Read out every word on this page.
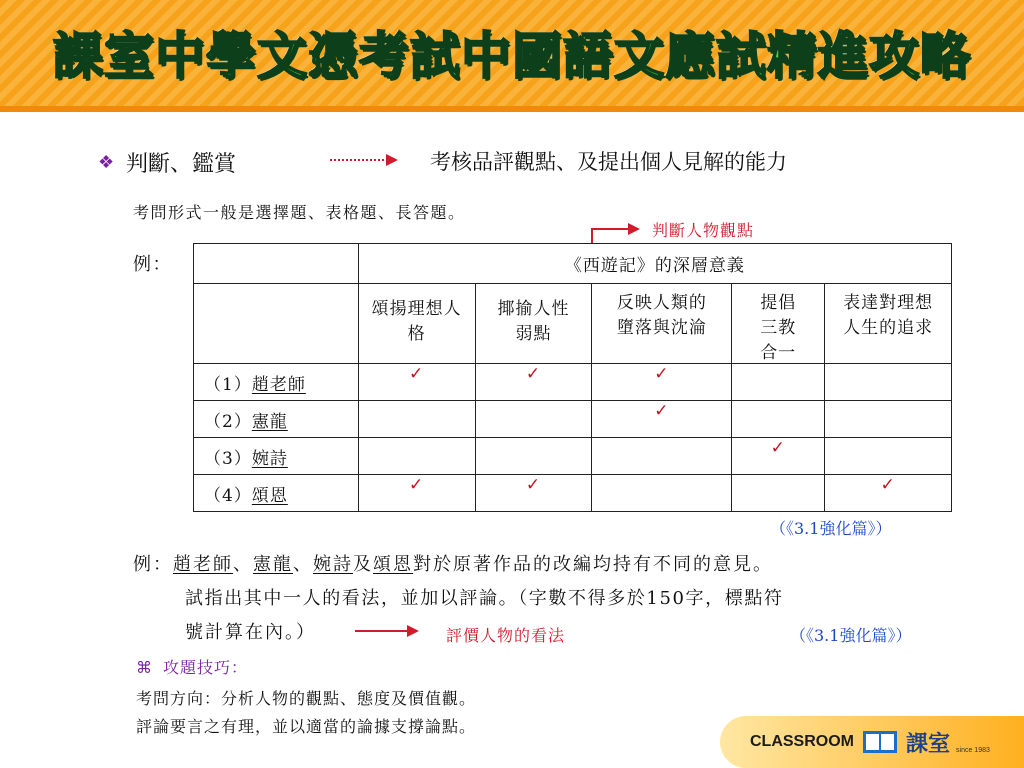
課室中學文憑考試中國語文應試精進攻略
❖ 判斷、鑑賞	考核品評觀點、及提出個人見解的能力
考問形式一般是選擇題、表格題、長答題。
判斷人物觀點
例：
		《西遊記》的深層意義				
	頌揚理想人格	揶揄人性弱點	反映人類的墮落與沈淪	提倡三教合一	表達對理想人生的追求
（1）趙老師	✓	✓	✓		
（2）憲龍			✓		
（3）婉詩				✓	
（4）頌恩	✓	✓			✓
（《3.1強化篇》）
例：趙老師、憲龍、婉詩及頌恩對於原著作品的改編均持有不同的意見。
試指出其中一人的看法，並加以評論。（字數不得多於150字，標點符
號計算在內。）	評價人物的看法	（《3.1強化篇》）
⌘ 攻題技巧：
考問方向：分析人物的觀點、態度及價值觀。
評論要言之有理，並以適當的論據支撐論點。
CLASSROOM 課室 since 1983
